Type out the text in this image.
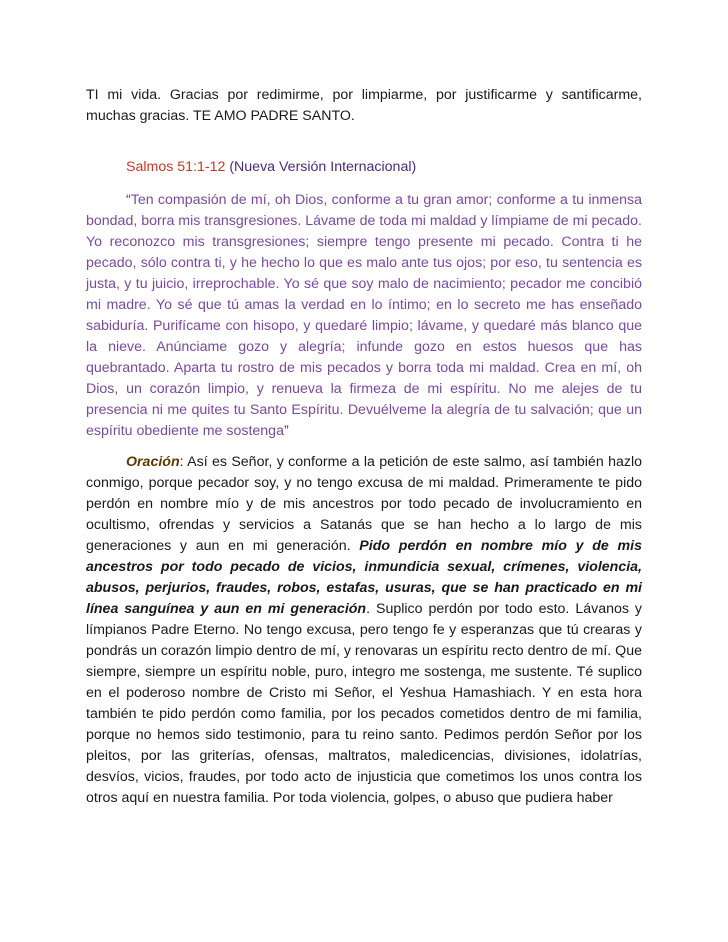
TI mi vida. Gracias por redimirme, por limpiarme, por justificarme y santificarme, muchas gracias. TE AMO PADRE SANTO.

Salmos 51:1-12 (Nueva Versión Internacional)

“Ten compasión de mí, oh Dios, conforme a tu gran amor; conforme a tu inmensa bondad, borra mis transgresiones. Lávame de toda mi maldad y límpiame de mi pecado. Yo reconozco mis transgresiones; siempre tengo presente mi pecado. Contra ti he pecado, sólo contra ti, y he hecho lo que es malo ante tus ojos; por eso, tu sentencia es justa, y tu juicio, irreprochable. Yo sé que soy malo de nacimiento; pecador me concibió mi madre. Yo sé que tú amas la verdad en lo íntimo; en lo secreto me has enseñado sabiduría. Purifícame con hisopo, y quedaré limpio; lávame, y quedaré más blanco que la nieve. Anúnciame gozo y alegría; infunde gozo en estos huesos que has quebrantado. Aparta tu rostro de mis pecados y borra toda mi maldad. Crea en mí, oh Dios, un corazón limpio, y renueva la firmeza de mi espíritu. No me alejes de tu presencia ni me quites tu Santo Espíritu. Devuélveme la alegría de tu salvación; que un espíritu obediente me sostenga”

Oración: Así es Señor, y conforme a la petición de este salmo, así también hazlo conmigo, porque pecador soy, y no tengo excusa de mi maldad. Primeramente te pido perdón en nombre mío y de mis ancestros por todo pecado de involucramiento en ocultismo, ofrendas y servicios a Satanás que se han hecho a lo largo de mis generaciones y aun en mi generación. Pido perdón en nombre mío y de mis ancestros por todo pecado de vicios, inmundicia sexual, crímenes, violencia, abusos, perjurios, fraudes, robos, estafas, usuras, que se han practicado en mi línea sanguínea y aun en mi generación. Suplico perdón por todo esto. Lávanos y límpianos Padre Eterno. No tengo excusa, pero tengo fe y esperanzas que tú crearas y pondrás un corazón limpio dentro de mí, y renovaras un espíritu recto dentro de mí. Que siempre, siempre un espíritu noble, puro, integro me sostenga, me sustente. Té suplico en el poderoso nombre de Cristo mi Señor, el Yeshua Hamashiach. Y en esta hora también te pido perdón como familia, por los pecados cometidos dentro de mi familia, porque no hemos sido testimonio, para tu reino santo. Pedimos perdón Señor por los pleitos, por las griterías, ofensas, maltratos, maledicencias, divisiones, idolatrías, desvíos, vicios, fraudes, por todo acto de injusticia que cometimos los unos contra los otros aquí en nuestra familia. Por toda violencia, golpes, o abuso que pudiera haber
